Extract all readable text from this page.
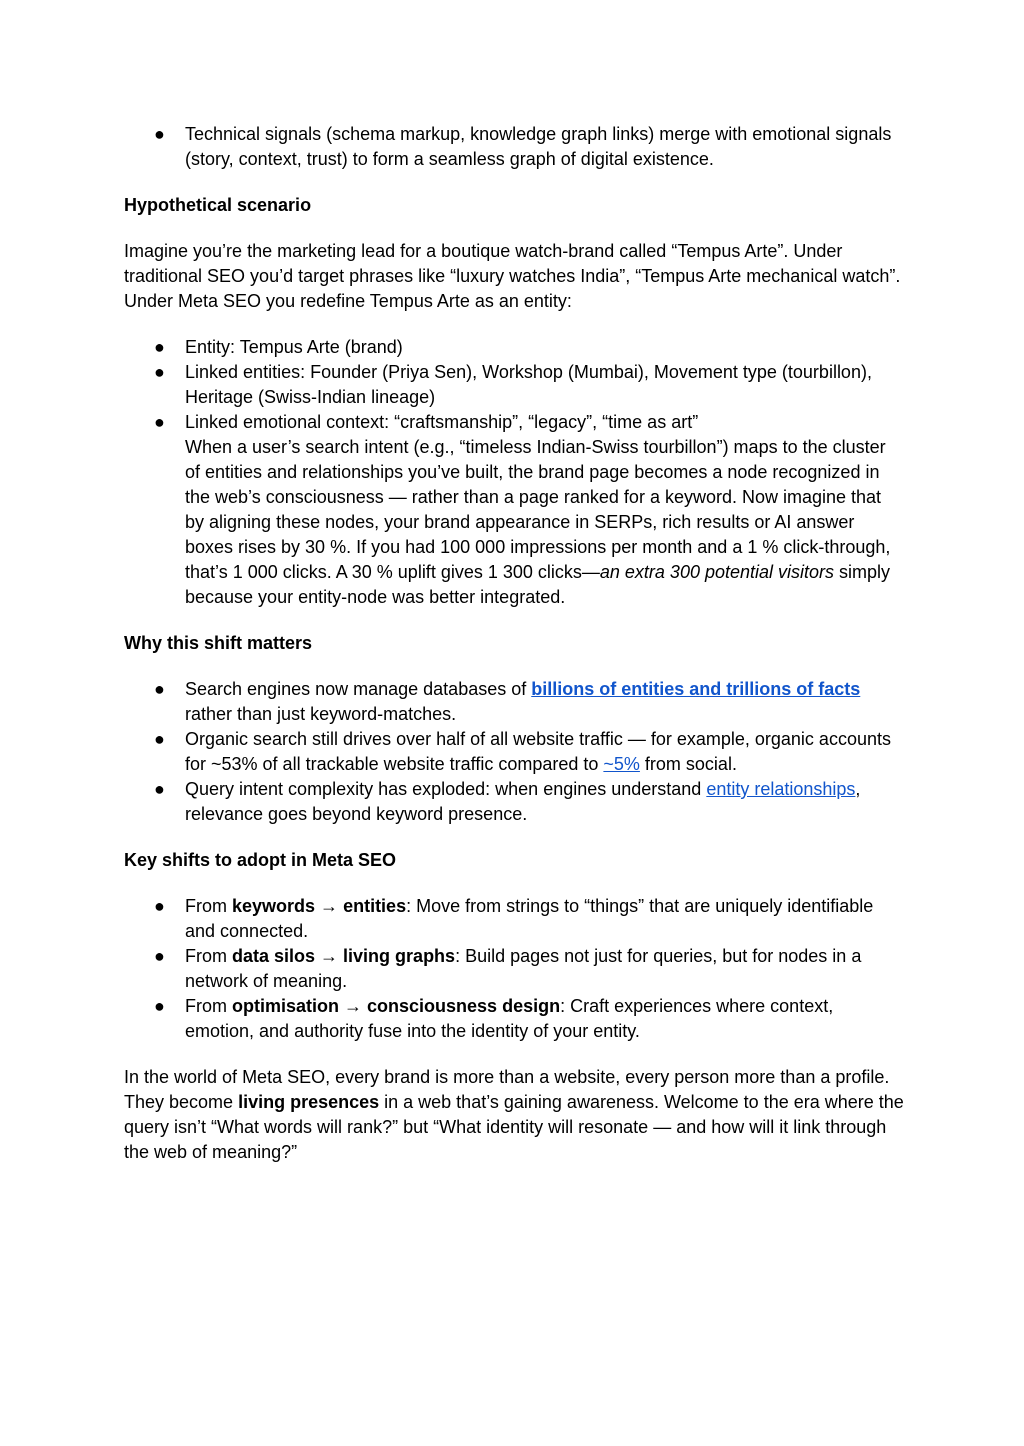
● Technical signals (schema markup, knowledge graph links) merge with emotional signals (story, context, trust) to form a seamless graph of digital existence.
Hypothetical scenario

Imagine you’re the marketing lead for a boutique watch-brand called “Tempus Arte”. Under traditional SEO you’d target phrases like “luxury watches India”, “Tempus Arte mechanical watch”. Under Meta SEO you redefine Tempus Arte as an entity:

● Entity: Tempus Arte (brand)
● Linked entities: Founder (Priya Sen), Workshop (Mumbai), Movement type (tourbillon), Heritage (Swiss-Indian lineage)
● Linked emotional context: “craftsmanship”, “legacy”, “time as art”
When a user’s search intent (e.g., “timeless Indian-Swiss tourbillon”) maps to the cluster of entities and relationships you’ve built, the brand page becomes a node recognized in the web’s consciousness — rather than a page ranked for a keyword. Now imagine that by aligning these nodes, your brand appearance in SERPs, rich results or AI answer boxes rises by 30 %. If you had 100 000 impressions per month and a 1 % click-through, that’s 1 000 clicks. A 30 % uplift gives 1 300 clicks—an extra 300 potential visitors simply because your entity-node was better integrated.
Why this shift matters
● Search engines now manage databases of billions of entities and trillions of facts rather than just keyword-matches.
● Organic search still drives over half of all website traffic — for example, organic accounts for ~53% of all trackable website traffic compared to ~5% from social.
● Query intent complexity has exploded: when engines understand entity relationships, relevance goes beyond keyword presence.
Key shifts to adopt in Meta SEO
● From keywords → entities: Move from strings to “things” that are uniquely identifiable and connected.
● From data silos → living graphs: Build pages not just for queries, but for nodes in a network of meaning.
● From optimisation → consciousness design: Craft experiences where context, emotion, and authority fuse into the identity of your entity.

In the world of Meta SEO, every brand is more than a website, every person more than a profile. They become living presences in a web that’s gaining awareness. Welcome to the era where the query isn’t “What words will rank?” but “What identity will resonate — and how will it link through the web of meaning?”
